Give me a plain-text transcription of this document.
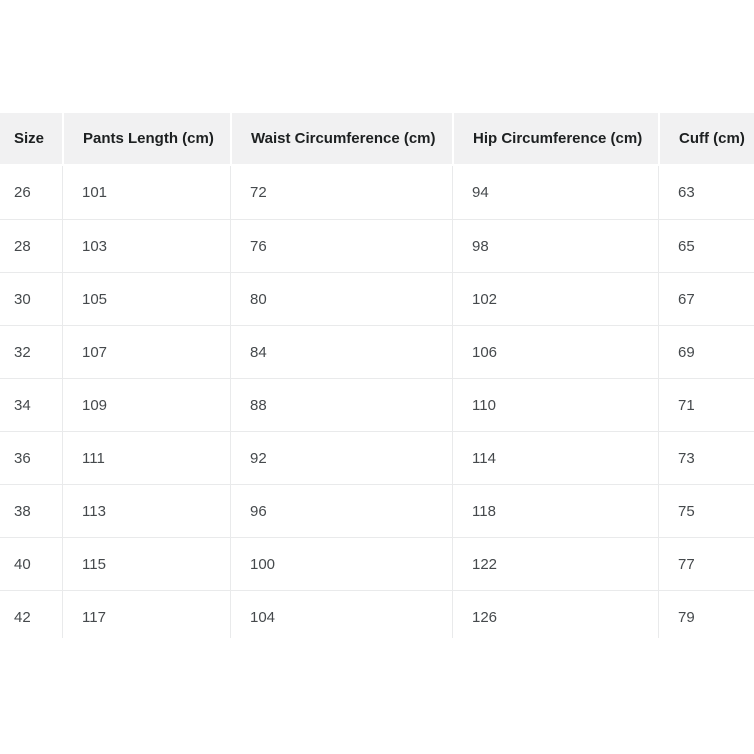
Size	Pants Length (cm)	Waist Circumference (cm)	Hip Circumference (cm)	Cuff (cm)
26	101	72	94	63
28	103	76	98	65
30	105	80	102	67
32	107	84	106	69
34	109	88	110	71
36	111	92	114	73
38	113	96	118	75
40	115	100	122	77
42	117	104	126	79
